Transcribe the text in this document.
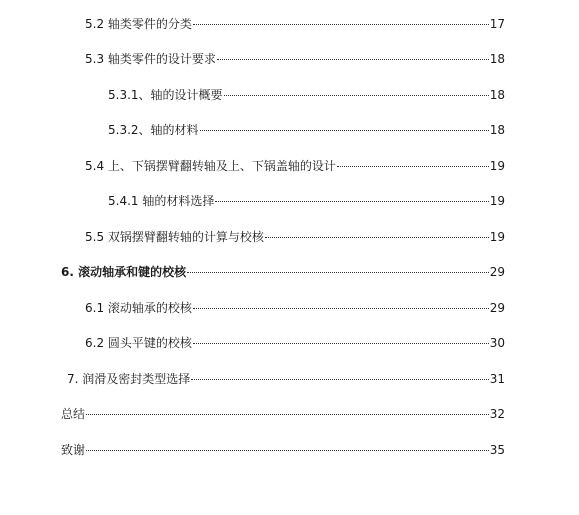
5.2 轴类零件的分类	17
5.3 轴类零件的设计要求	18
5.3.1、轴的设计概要	18
5.3.2、轴的材料	18
5.4 上、下锅摆臂翻转轴及上、下锅盖轴的设计	19
5.4.1 轴的材料选择	19
5.5 双锅摆臂翻转轴的计算与校核	19
6. 滚动轴承和键的校核	29
6.1 滚动轴承的校核	29
6.2 圆头平键的校核	30
7. 润滑及密封类型选择	31
总结	32
致谢	35
